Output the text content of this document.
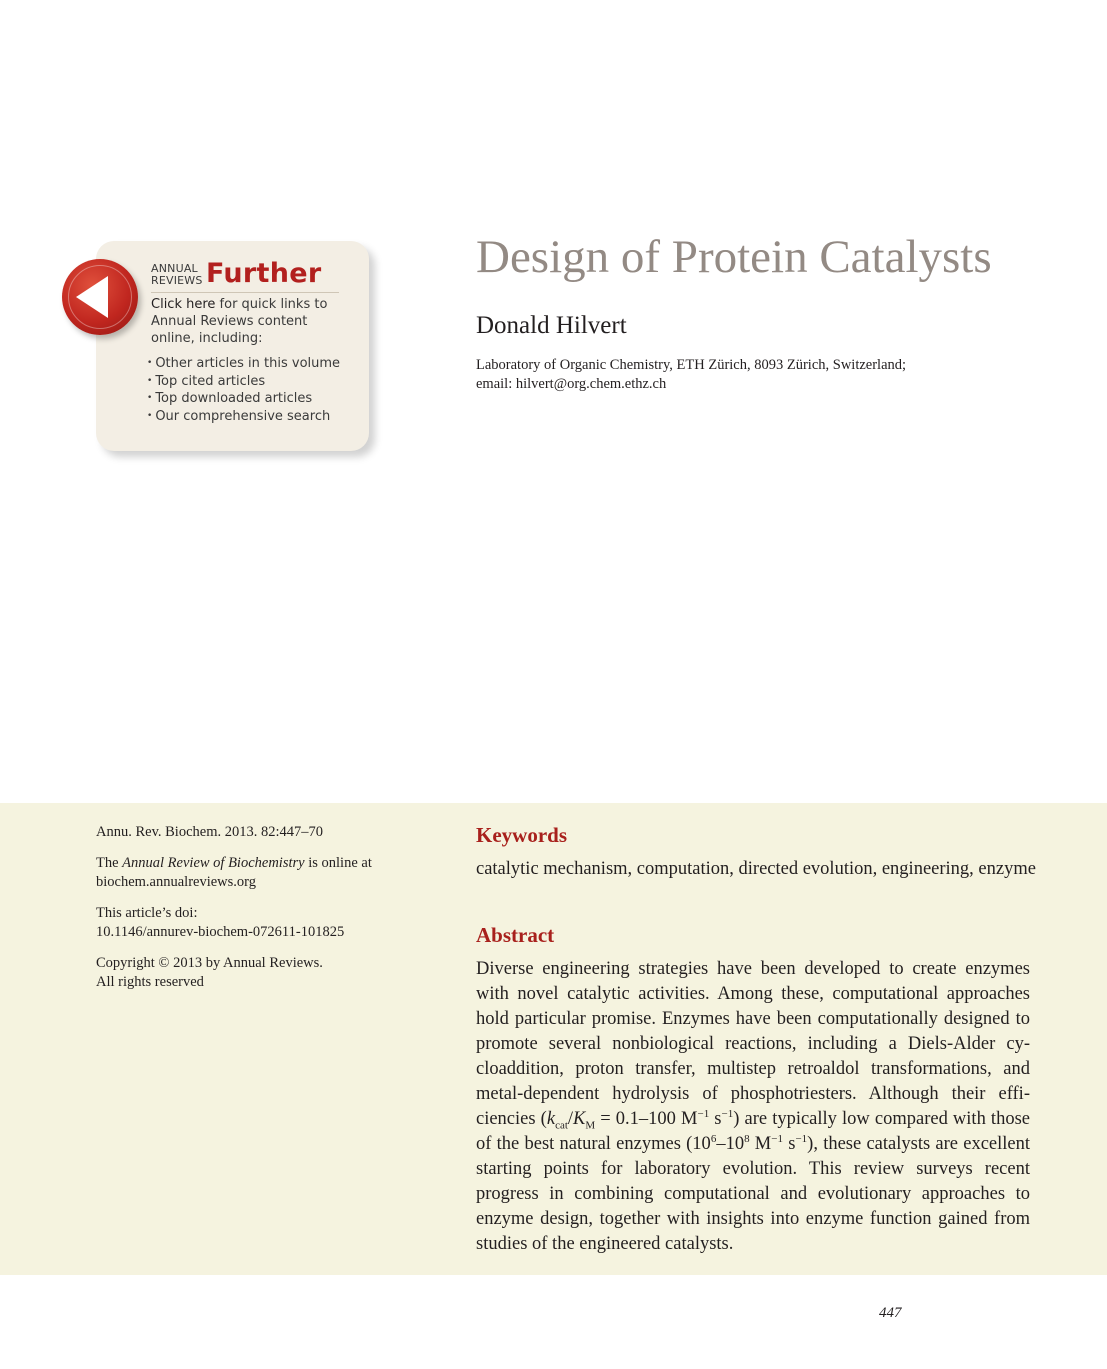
ANNUAL
REVIEWS Further
Click here for quick links to Annual Reviews content online, including:
• Other articles in this volume
• Top cited articles
• Top downloaded articles
• Our comprehensive search
Design of Protein Catalysts
Donald Hilvert
Laboratory of Organic Chemistry, ETH Zürich, 8093 Zürich, Switzerland;
email: hilvert@org.chem.ethz.ch

Annu. Rev. Biochem. 2013. 82:447–70

The Annual Review of Biochemistry is online at
biochem.annualreviews.org

This article’s doi:
10.1146/annurev-biochem-072611-101825

Copyright © 2013 by Annual Reviews.
All rights reserved

Keywords
catalytic mechanism, computation, directed evolution, engineering, enzyme
Abstract
Diverse engineering strategies have been developed to create enzymes with novel catalytic activities. Among these, computational approaches hold particular promise. Enzymes have been computationally designed to promote several nonbiological reactions, including a Diels-Alder cycloaddition, proton transfer, multistep retroaldol transformations, and metal-dependent hydrolysis of phosphotriesters. Although their efficiencies ($k_{cat}/K_M = 0.1-100$ $M^{-1}$ $s^{-1}$) are typically low compared with those of the best natural enzymes ($10^6-10^8$ $M^{-1}$ $s^{-1}$), these catalysts are excellent starting points for laboratory evolution. This review surveys recent progress in combining computational and evolutionary approaches to enzyme design, together with insights into enzyme function gained from studies of the engineered catalysts.
447
